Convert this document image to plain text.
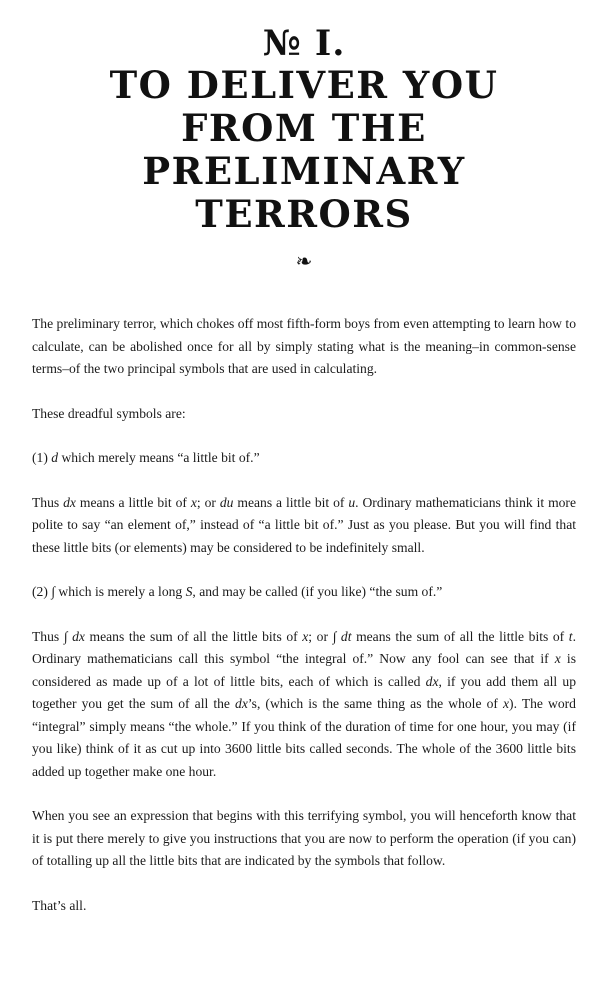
№ I.
TO DELIVER YOU FROM THE PRELIMINARY TERRORS
❧

The preliminary terror, which chokes off most fifth-form boys from even attempting to learn how to calculate, can be abolished once for all by simply stating what is the meaning–in common-sense terms–of the two principal symbols that are used in calculating.

These dreadful symbols are:

(1) d which merely means “a little bit of.”

Thus dx means a little bit of x; or du means a little bit of u. Ordinary mathematicians think it more polite to say “an element of,” instead of “a little bit of.” Just as you please. But you will find that these little bits (or elements) may be considered to be indefinitely small.

(2) ∫ which is merely a long S, and may be called (if you like) “the sum of.”

Thus ∫ dx means the sum of all the little bits of x; or ∫ dt means the sum of all the little bits of t. Ordinary mathematicians call this symbol “the integral of.” Now any fool can see that if x is considered as made up of a lot of little bits, each of which is called dx, if you add them all up together you get the sum of all the dx’s, (which is the same thing as the whole of x). The word “integral” simply means “the whole.” If you think of the duration of time for one hour, you may (if you like) think of it as cut up into 3600 little bits called seconds. The whole of the 3600 little bits added up together make one hour.

When you see an expression that begins with this terrifying symbol, you will henceforth know that it is put there merely to give you instructions that you are now to perform the operation (if you can) of totalling up all the little bits that are indicated by the symbols that follow.

That’s all.
